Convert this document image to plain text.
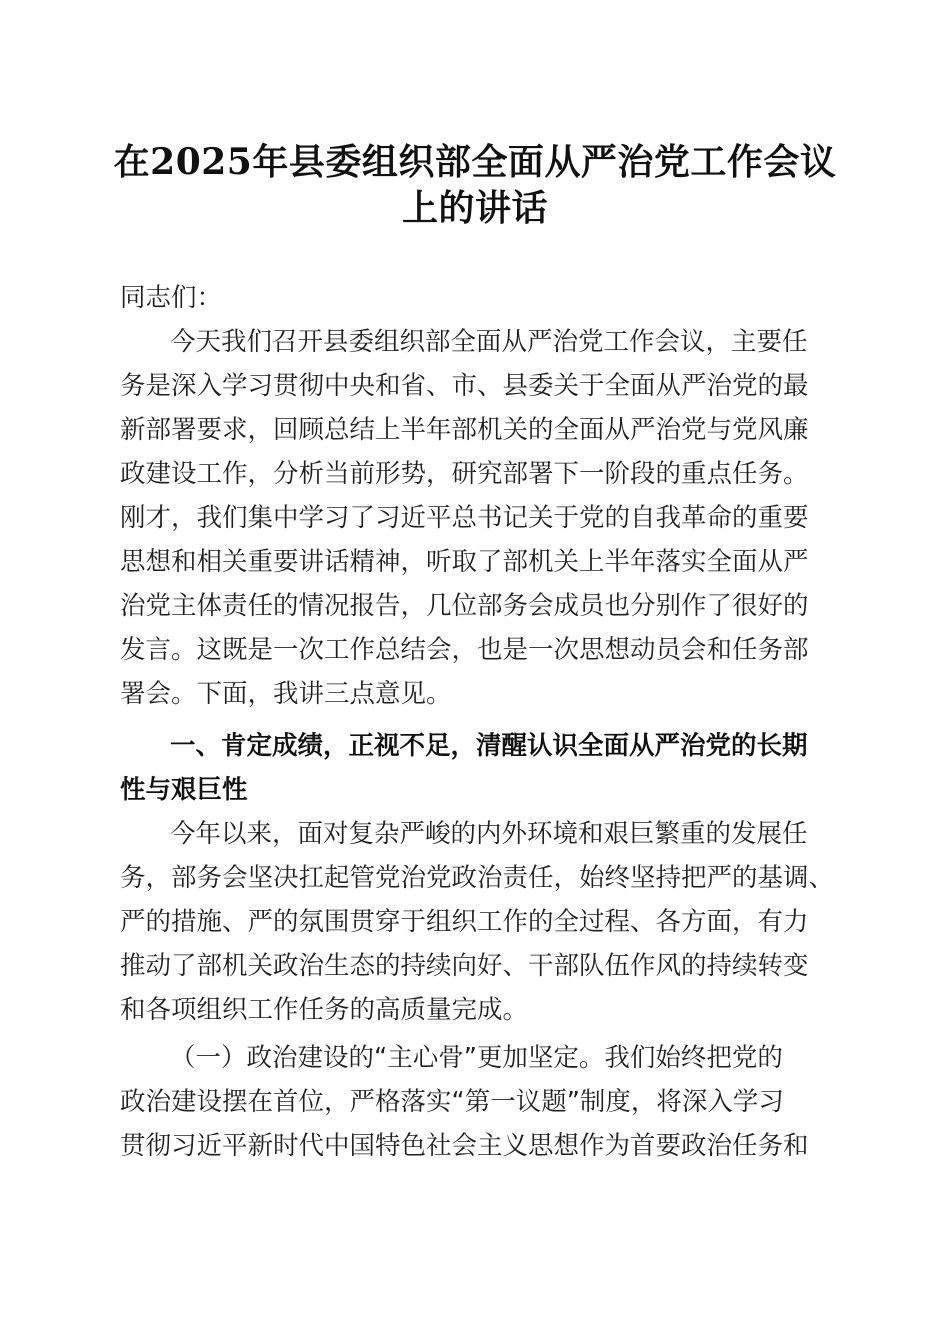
在2025年县委组织部全面从严治党工作会议
上的讲话
同志们：
今天我们召开县委组织部全面从严治党工作会议，主要任
务是深入学习贯彻中央和省、市、县委关于全面从严治党的最
新部署要求，回顾总结上半年部机关的全面从严治党与党风廉
政建设工作，分析当前形势，研究部署下一阶段的重点任务。
刚才，我们集中学习了习近平总书记关于党的自我革命的重要
思想和相关重要讲话精神，听取了部机关上半年落实全面从严
治党主体责任的情况报告，几位部务会成员也分别作了很好的
发言。这既是一次工作总结会，也是一次思想动员会和任务部
署会。下面，我讲三点意见。
一、肯定成绩，正视不足，清醒认识全面从严治党的长期
性与艰巨性
今年以来，面对复杂严峻的内外环境和艰巨繁重的发展任
务，部务会坚决扛起管党治党政治责任，始终坚持把严的基调、
严的措施、严的氛围贯穿于组织工作的全过程、各方面，有力
推动了部机关政治生态的持续向好、干部队伍作风的持续转变
和各项组织工作任务的高质量完成。
（一）政治建设的“主心骨”更加坚定。我们始终把党的
政治建设摆在首位，严格落实“第一议题”制度，将深入学习
贯彻习近平新时代中国特色社会主义思想作为首要政治任务和
